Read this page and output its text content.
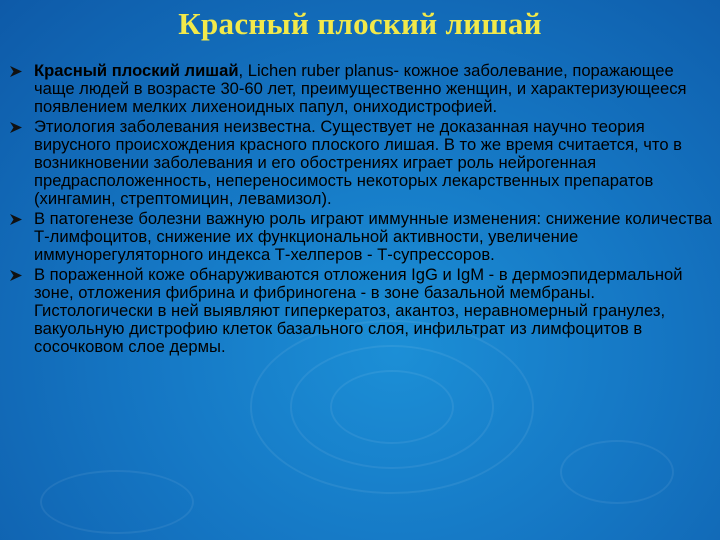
Красный плоский лишай
Красный плоский лишай, Lichen ruber planus- кожное заболевание, поражающее чаще людей в возрасте 30-60 лет, преимущественно женщин, и характеризующееся появлением мелких лихеноидных папул, ониходистрофией.
Этиология заболевания неизвестна. Существует не доказанная научно теория вирусного происхождения красного плоского лишая. В то же время считается, что в возникновении заболевания и его обострениях играет роль нейрогенная предрасположенность, непереносимость некоторых лекарственных препаратов (хингамин, стрептомицин, левамизол).
В патогенезе болезни важную роль играют иммунные изменения: снижение количества Т-лимфоцитов, снижение их функциональной активности, увеличение иммунорегуляторного индекса Т-хелперов - Т-супрессоров.
В пораженной коже обнаруживаются отложения IgG и IgM - в дермоэпидермальной зоне, отложения фибрина и фибриногена - в зоне базальной мембраны. Гистологически в ней выявляют гиперкератоз, акантоз, неравномерный гранулез, вакуольную дистрофию клеток базального слоя, инфильтрат из лимфоцитов в сосочковом слое дермы.
